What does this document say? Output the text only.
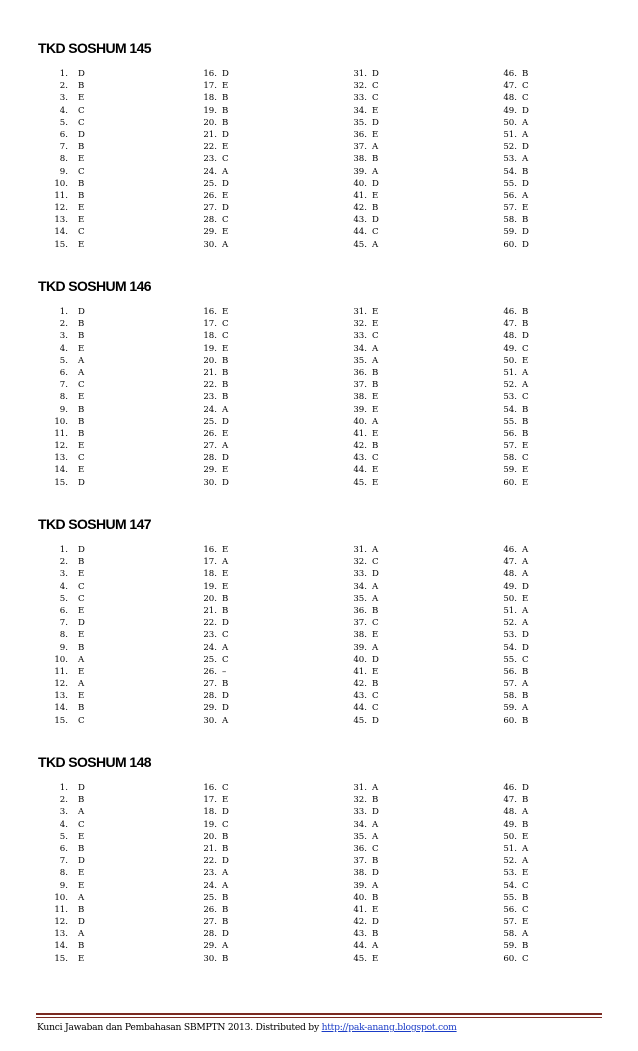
TKD SOSHUM 145
1. D
2. B
3. E
4. C
5. C
6. D
7. B
8. E
9. C
10. B
11. B
12. E
13. E
14. C
15. E
16. D
17. E
18. B
19. B
20. B
21. D
22. E
23. C
24. A
25. D
26. E
27. D
28. C
29. E
30. A
31. D
32. C
33. C
34. E
35. D
36. E
37. A
38. B
39. A
40. D
41. E
42. B
43. D
44. C
45. A
46. B
47. C
48. C
49. D
50. A
51. A
52. D
53. A
54. B
55. D
56. A
57. E
58. B
59. D
60. D
TKD SOSHUM 146
1. D
2. B
3. B
4. E
5. A
6. A
7. C
8. E
9. B
10. B
11. B
12. E
13. C
14. E
15. D
16. E
17. C
18. C
19. E
20. B
21. B
22. B
23. B
24. A
25. D
26. E
27. A
28. D
29. E
30. D
31. E
32. E
33. C
34. A
35. A
36. B
37. B
38. E
39. E
40. A
41. E
42. B
43. C
44. E
45. E
46. B
47. B
48. D
49. C
50. E
51. A
52. A
53. C
54. B
55. B
56. B
57. E
58. C
59. E
60. E
TKD SOSHUM 147
1. D
2. B
3. E
4. C
5. C
6. E
7. D
8. E
9. B
10. A
11. E
12. A
13. E
14. B
15. C
16. E
17. A
18. E
19. E
20. B
21. B
22. D
23. C
24. A
25. C
26. –
27. B
28. D
29. D
30. A
31. A
32. C
33. D
34. A
35. A
36. B
37. C
38. E
39. A
40. D
41. E
42. B
43. C
44. C
45. D
46. A
47. A
48. A
49. D
50. E
51. A
52. A
53. D
54. D
55. C
56. B
57. A
58. B
59. A
60. B
TKD SOSHUM 148
1. D
2. B
3. A
4. C
5. E
6. B
7. D
8. E
9. E
10. A
11. B
12. D
13. A
14. B
15. E
16. C
17. E
18. D
19. C
20. B
21. B
22. D
23. A
24. A
25. B
26. B
27. B
28. D
29. A
30. B
31. A
32. B
33. D
34. A
35. A
36. C
37. B
38. D
39. A
40. B
41. E
42. D
43. B
44. A
45. E
46. D
47. B
48. A
49. B
50. E
51. A
52. A
53. E
54. C
55. B
56. C
57. E
58. A
59. B
60. C
Kunci Jawaban dan Pembahasan SBMPTN 2013. Distributed by http://pak-anang.blogspot.com
